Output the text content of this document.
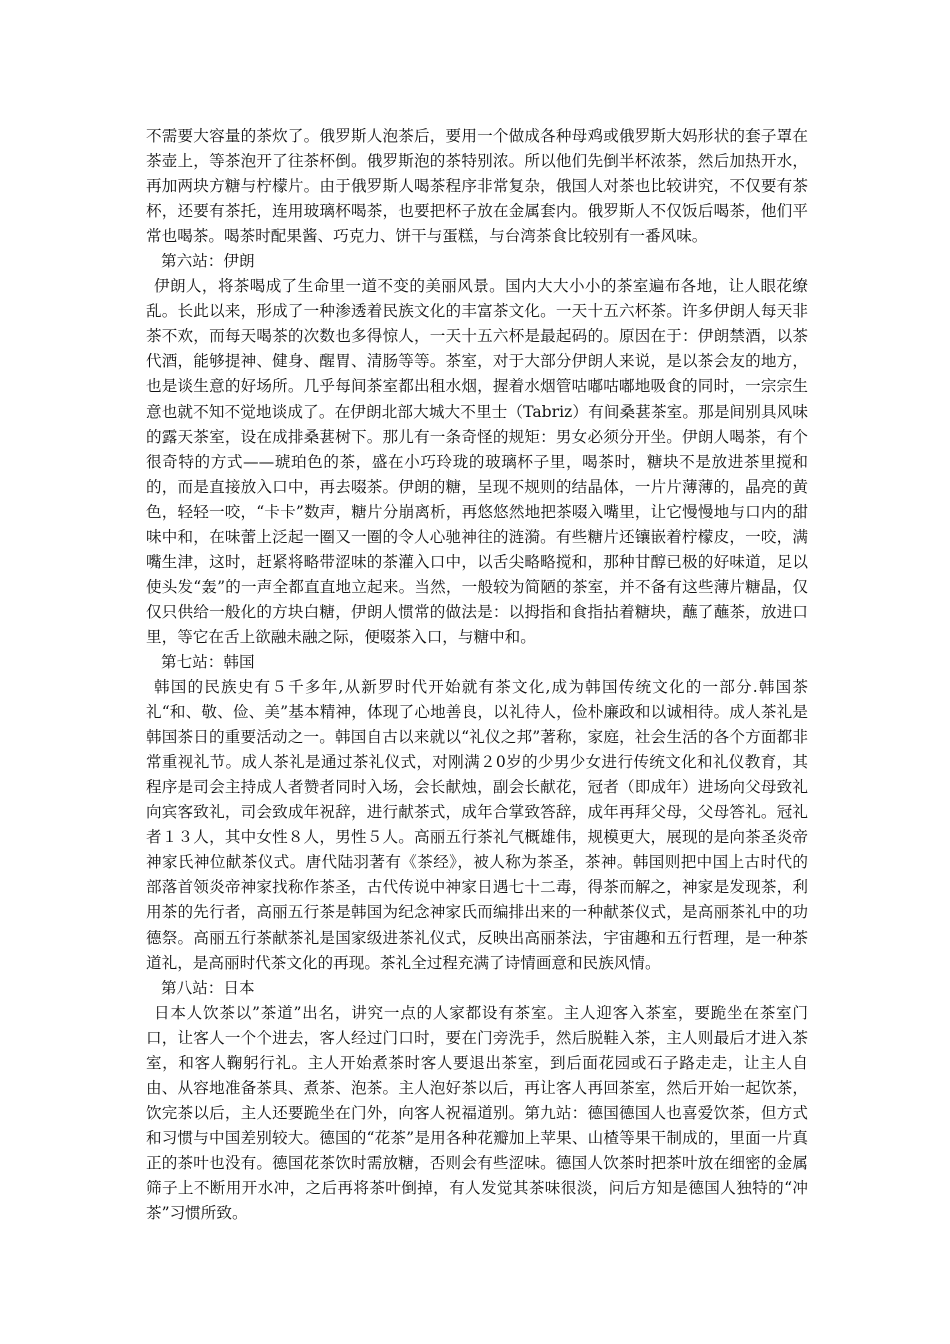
不需要大容量的茶炊了。俄罗斯人泡茶后，要用一个做成各种母鸡或俄罗斯大妈形状的套子罩在茶壶上，等茶泡开了往茶杯倒。俄罗斯泡的茶特别浓。所以他们先倒半杯浓茶，然后加热开水，再加两块方糖与柠檬片。由于俄罗斯人喝茶程序非常复杂，俄国人对茶也比较讲究，不仅要有茶杯，还要有茶托，连用玻璃杯喝茶，也要把杯子放在金属套内。俄罗斯人不仅饭后喝茶，他们平常也喝茶。喝茶时配果酱、巧克力、饼干与蛋糕，与台湾茶食比较别有一番风味。

第六站：伊朗

伊朗人，将茶喝成了生命里一道不变的美丽风景。国内大大小小的茶室遍布各地，让人眼花缭乱。长此以来，形成了一种渗透着民族文化的丰富茶文化。一天十五六杯茶。许多伊朗人每天非茶不欢，而每天喝茶的次数也多得惊人，一天十五六杯是最起码的。原因在于：伊朗禁酒，以茶代酒，能够提神、健身、醒胃、清肠等等。茶室，对于大部分伊朗人来说，是以茶会友的地方，也是谈生意的好场所。几乎每间茶室都出租水烟，握着水烟管咕嘟咕嘟地吸食的同时，一宗宗生意也就不知不觉地谈成了。在伊朗北部大城大不里士（Tabriz）有间桑葚茶室。那是间别具风味的露天茶室，设在成排桑葚树下。那儿有一条奇怪的规矩：男女必须分开坐。伊朗人喝茶，有个很奇特的方式——琥珀色的茶，盛在小巧玲珑的玻璃杯子里，喝茶时，糖块不是放进茶里搅和的，而是直接放入口中，再去啜茶。伊朗的糖，呈现不规则的结晶体，一片片薄薄的，晶亮的黄色，轻轻一咬，“卡卡”数声，糖片分崩离析，再悠悠然地把茶啜入嘴里，让它慢慢地与口内的甜味中和，在味蕾上泛起一圈又一圈的令人心驰神往的涟漪。有些糖片还镶嵌着柠檬皮，一咬，满嘴生津，这时，赶紧将略带涩味的茶灌入口中，以舌尖略略搅和，那种甘醇已极的好味道，足以使头发“轰”的一声全都直直地立起来。当然，一般较为简陋的茶室，并不备有这些薄片糖晶，仅仅只供给一般化的方块白糖，伊朗人惯常的做法是：以拇指和食指拈着糖块，蘸了蘸茶，放进口里，等它在舌上欲融未融之际，便啜茶入口，与糖中和。

第七站：韩国

韩国的民族史有５千多年,从新罗时代开始就有茶文化,成为韩国传统文化的一部分.韩国茶礼“和、敬、俭、美”基本精神，体现了心地善良，以礼待人，俭朴廉政和以诚相待。成人茶礼是韩国茶日的重要活动之一。韩国自古以来就以“礼仪之邦”著称，家庭，社会生活的各个方面都非常重视礼节。成人茶礼是通过茶礼仪式，对刚满２0岁的少男少女进行传统文化和礼仪教育，其程序是司会主持成人者赞者同时入场，会长献烛，副会长献花，冠者（即成年）进场向父母致礼向宾客致礼，司会致成年祝辞，进行献茶式，成年合掌致答辞，成年再拜父母，父母答礼。冠礼者１３人，其中女性８人，男性５人。高丽五行茶礼气概雄伟，规模更大，展现的是向茶圣炎帝神家氏神位献茶仪式。唐代陆羽著有《茶经》，被人称为茶圣，茶神。韩国则把中国上古时代的部落首领炎帝神家找称作茶圣，古代传说中神家日遇七十二毒，得茶而解之，神家是发现茶，利用茶的先行者，高丽五行茶是韩国为纪念神家氏而编排出来的一种献茶仪式，是高丽茶礼中的功德祭。高丽五行茶献茶礼是国家级进茶礼仪式，反映出高丽茶法，宇宙趣和五行哲理，是一种茶道礼，是高丽时代茶文化的再现。茶礼全过程充满了诗情画意和民族风情。

第八站：日本

日本人饮茶以”茶道”出名，讲究一点的人家都设有茶室。主人迎客入茶室，要跪坐在茶室门口，让客人一个个进去，客人经过门口时，要在门旁洗手，然后脱鞋入茶，主人则最后才进入茶室，和客人鞠躬行礼。主人开始煮茶时客人要退出茶室，到后面花园或石子路走走，让主人自由、从容地准备茶具、煮茶、泡茶。主人泡好茶以后，再让客人再回茶室，然后开始一起饮茶，饮完茶以后，主人还要跪坐在门外，向客人祝福道别。第九站：德国德国人也喜爱饮茶，但方式和习惯与中国差别较大。德国的“花茶”是用各种花瓣加上苹果、山楂等果干制成的，里面一片真正的茶叶也没有。德国花茶饮时需放糖，否则会有些涩味。德国人饮茶时把茶叶放在细密的金属筛子上不断用开水冲，之后再将茶叶倒掉，有人发觉其茶味很淡，问后方知是德国人独特的“冲茶”习惯所致。
